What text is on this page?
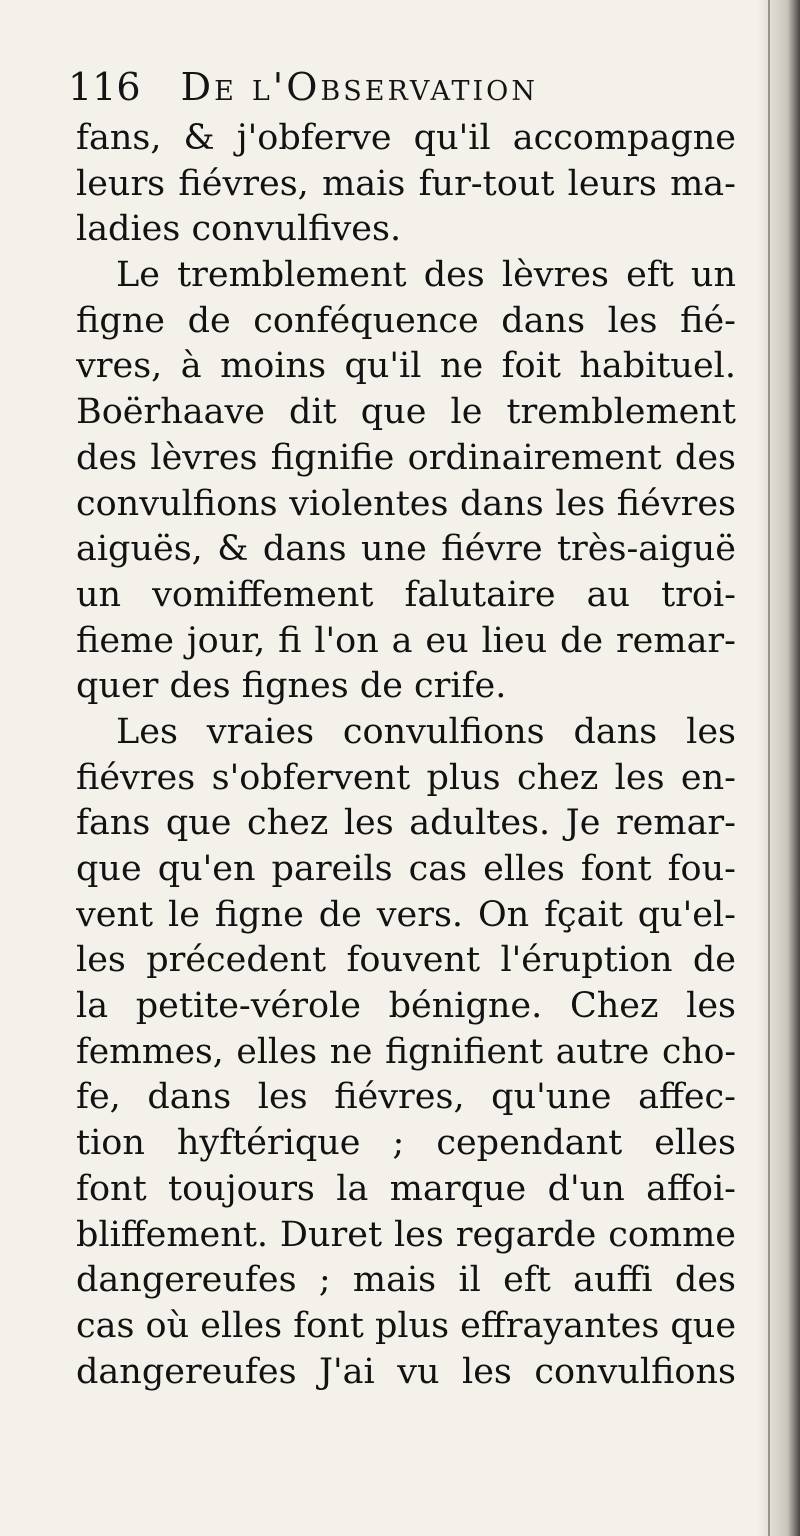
116 De l'Observation
fans, & j'obferve qu'il accompagne
leurs fiévres, mais fur-tout leurs ma-
ladies convulfives.
Le tremblement des lèvres eft un
figne de conféquence dans les fié-
vres, à moins qu'il ne foit habituel.
Boërhaave dit que le tremblement
des lèvres fignifie ordinairement des
convulfions violentes dans les fiévres
aiguës, & dans une fiévre très-aiguë
un vomiffement falutaire au troi-
fieme jour, fi l'on a eu lieu de remar-
quer des fignes de crife.
Les vraies convulfions dans les
fiévres s'obfervent plus chez les en-
fans que chez les adultes. Je remar-
que qu'en pareils cas elles font fou-
vent le figne de vers. On fçait qu'el-
les précedent fouvent l'éruption de
la petite-vérole bénigne. Chez les
femmes, elles ne fignifient autre cho-
fe, dans les fiévres, qu'une affec-
tion hyftérique ; cependant elles
font toujours la marque d'un affoi-
bliffement. Duret les regarde comme
dangereufes ; mais il eft auffi des
cas où elles font plus effrayantes que
dangereufes J'ai vu les convulfions
